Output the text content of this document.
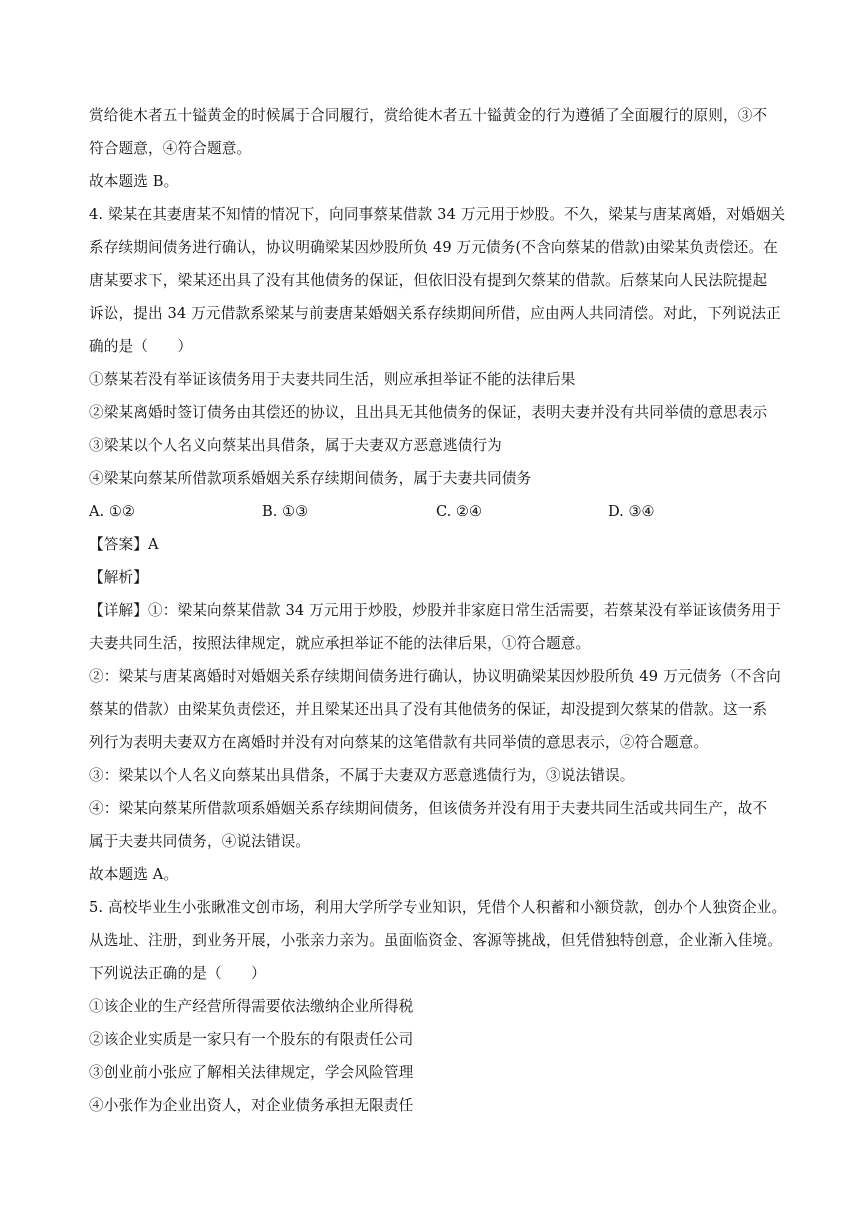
赏给徙木者五十镒黄金的时候属于合同履行，赏给徙木者五十镒黄金的行为遵循了全面履行的原则，③不
符合题意，④符合题意。
故本题选 B。
4. 梁某在其妻唐某不知情的情况下，向同事蔡某借款 34 万元用于炒股。不久，梁某与唐某离婚，对婚姻关
系存续期间债务进行确认，协议明确梁某因炒股所负 49 万元债务(不含向蔡某的借款)由梁某负责偿还。在
唐某要求下，梁某还出具了没有其他债务的保证，但依旧没有提到欠蔡某的借款。后蔡某向人民法院提起
诉讼，提出 34 万元借款系梁某与前妻唐某婚姻关系存续期间所借，应由两人共同清偿。对此，下列说法正
确的是（　　）
①蔡某若没有举证该债务用于夫妻共同生活，则应承担举证不能的法律后果
②梁某离婚时签订债务由其偿还的协议，且出具无其他债务的保证，表明夫妻并没有共同举债的意思表示
③梁某以个人名义向蔡某出具借条，属于夫妻双方恶意逃债行为
④梁某向蔡某所借款项系婚姻关系存续期间债务，属于夫妻共同债务
A. ①②	B. ①③	C. ②④	D. ③④
【答案】A
【解析】
【详解】①：梁某向蔡某借款 34 万元用于炒股，炒股并非家庭日常生活需要，若蔡某没有举证该债务用于
夫妻共同生活，按照法律规定，就应承担举证不能的法律后果，①符合题意。
②：梁某与唐某离婚时对婚姻关系存续期间债务进行确认，协议明确梁某因炒股所负 49 万元债务（不含向
蔡某的借款）由梁某负责偿还，并且梁某还出具了没有其他债务的保证，却没提到欠蔡某的借款。这一系
列行为表明夫妻双方在离婚时并没有对向蔡某的这笔借款有共同举债的意思表示，②符合题意。
③：梁某以个人名义向蔡某出具借条，不属于夫妻双方恶意逃债行为，③说法错误。
④：梁某向蔡某所借款项系婚姻关系存续期间债务，但该债务并没有用于夫妻共同生活或共同生产，故不
属于夫妻共同债务，④说法错误。
故本题选 A。
5. 高校毕业生小张瞅准文创市场，利用大学所学专业知识，凭借个人积蓄和小额贷款，创办个人独资企业。
从选址、注册，到业务开展，小张亲力亲为。虽面临资金、客源等挑战，但凭借独特创意，企业渐入佳境。
下列说法正确的是（　　）
①该企业的生产经营所得需要依法缴纳企业所得税
②该企业实质是一家只有一个股东的有限责任公司
③创业前小张应了解相关法律规定，学会风险管理
④小张作为企业出资人，对企业债务承担无限责任
